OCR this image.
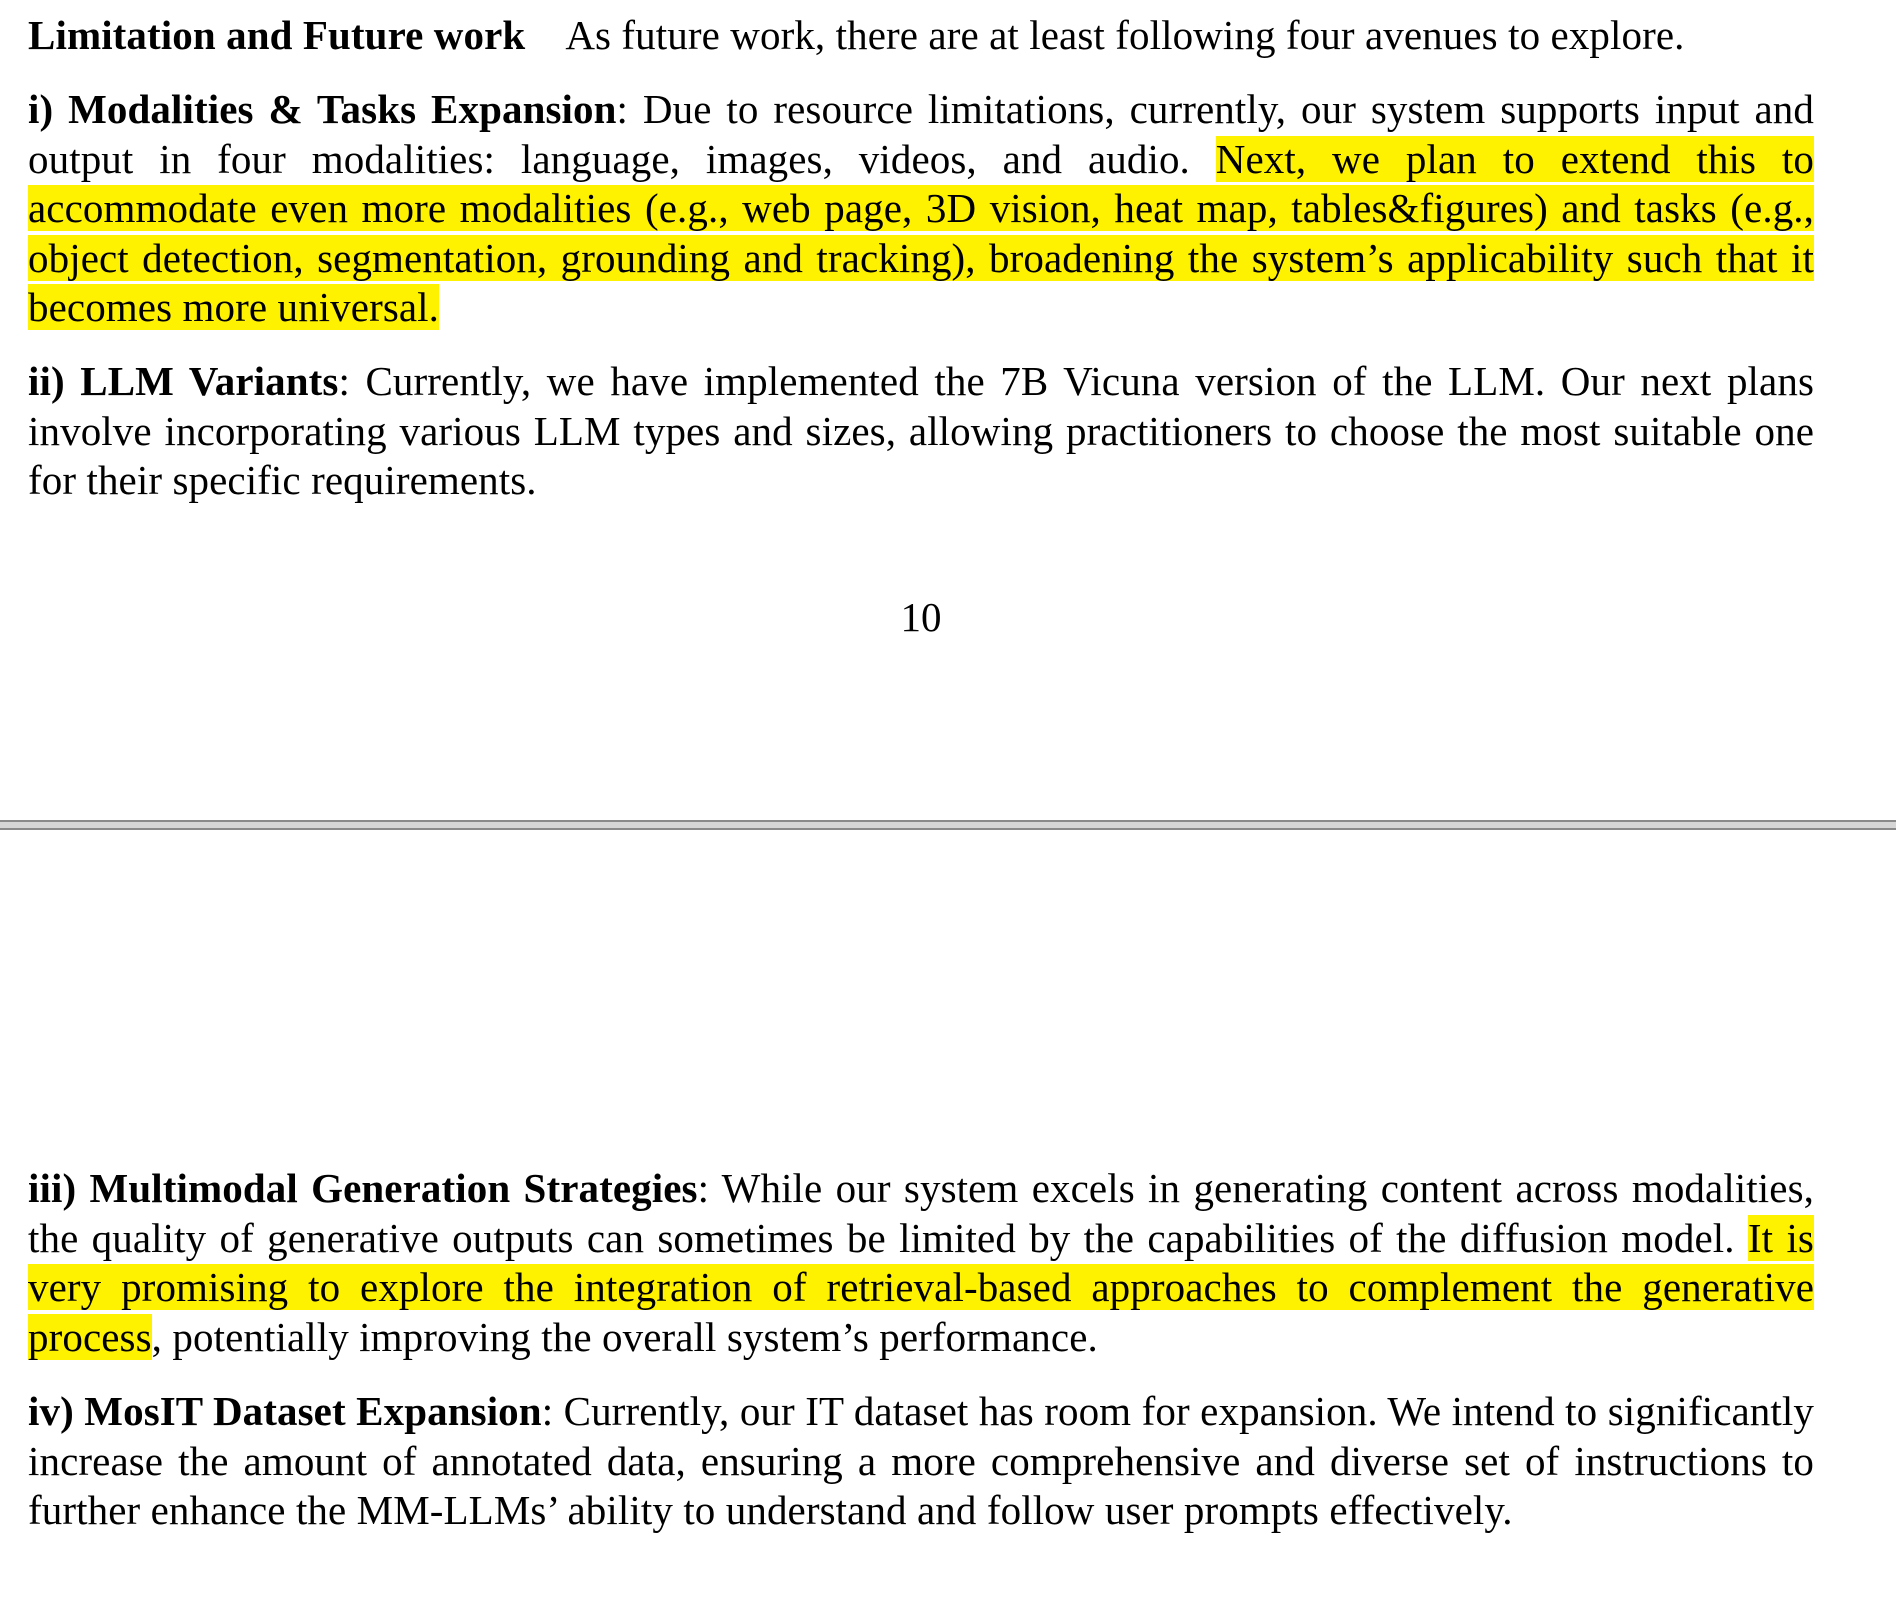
Limitation and Future work As future work, there are at least following four avenues to explore.

i) Modalities & Tasks Expansion: Due to resource limitations, currently, our system supports input and output in four modalities: language, images, videos, and audio. Next, we plan to extend this to accommodate even more modalities (e.g., web page, 3D vision, heat map, tables&figures) and tasks (e.g., object detection, segmentation, grounding and tracking), broadening the system’s applicability such that it becomes more universal.

ii) LLM Variants: Currently, we have implemented the 7B Vicuna version of the LLM. Our next plans involve incorporating various LLM types and sizes, allowing practitioners to choose the most suitable one for their specific requirements.

10

iii) Multimodal Generation Strategies: While our system excels in generating content across modalities, the quality of generative outputs can sometimes be limited by the capabilities of the diffusion model. It is very promising to explore the integration of retrieval-based approaches to complement the generative process, potentially improving the overall system’s performance.

iv) MosIT Dataset Expansion: Currently, our IT dataset has room for expansion. We intend to significantly increase the amount of annotated data, ensuring a more comprehensive and diverse set of instructions to further enhance the MM-LLMs’ ability to understand and follow user prompts effectively.
